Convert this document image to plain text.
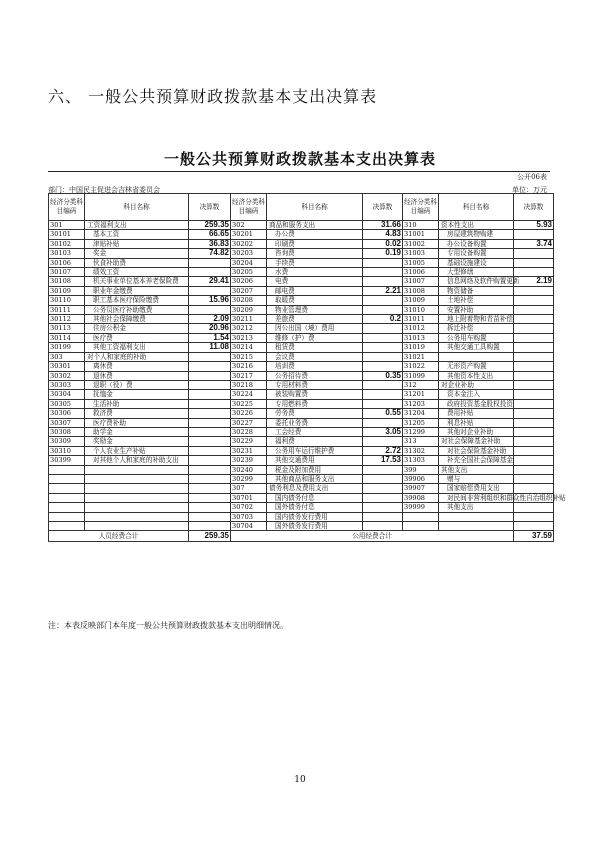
六、 一般公共预算财政拨款基本支出决算表
一般公共预算财政拨款基本支出决算表
公开06表
部门：中国民主促进会吉林省委员会	单位：万元
经济分类科目编码	科目名称	决算数	经济分类科目编码	科目名称	决算数	经济分类科目编码	科目名称	决算数
301	工资福利支出	259.35	302	商品和服务支出	31.66	310	资本性支出	5.93
30101	基本工资	66.65	30201	办公费	4.83	31001	房屋建筑物购建	
30102	津贴补贴	36.83	30202	印刷费	0.02	31002	办公设备购置	3.74
30103	奖金	74.82	30203	咨询费	0.19	31003	专用设备购置	
30106	伙食补助费		30204	手续费		31005	基础设施建设	
30107	绩效工资		30205	水费		31006	大型修缮	
30108	机关事业单位基本养老保险费	29.41	30206	电费		31007	信息网络及软件购置更新	2.19
30109	职业年金缴费		30207	邮电费	2.21	31008	物资储备	
30110	职工基本医疗保险缴费	15.96	30208	取暖费		31009	土地补偿	
30111	公务员医疗补助缴费		30209	物业管理费		31010	安置补助	
30112	其他社会保障缴费	2.09	30211	差旅费	0.2	31011	地上附着物和青苗补偿	
30113	住房公积金	20.96	30212	因公出国（境）费用		31012	拆迁补偿	
30114	医疗费	1.54	30213	维修（护）费		31013	公务用车购置	
30199	其他工资福利支出	11.08	30214	租赁费		31019	其他交通工具购置	
303	对个人和家庭的补助		30215	会议费		31021		
30301	离休费		30216	培训费		31022	无形资产购置	
30302	退休费		30217	公务招待费	0.35	31099	其他资本性支出	
30303	退职（役）费		30218	专用材料费		312	对企业补助	
30304	抚恤金		30224	被装购置费		31201	资本金注入	
30305	生活补助		30225	专用燃料费		31203	政府投资基金股权投资	
30306	救济费		30226	劳务费	0.55	31204	费用补贴	
30307	医疗费补助		30227	委托业务费		31205	利息补贴	
30308	助学金		30228	工会经费	3.05	31299	其他对企业补助	
30309	奖励金		30229	福利费		313	对社会保障基金补助	
30310	个人农业生产补贴		30231	公务用车运行维护费	2.72	31302	对社会保险基金补助	
30399	对其他个人和家庭的补助支出		30239	其他交通费用	17.53	31303	补充全国社会保障基金	
			30240	税金及附加费用		399	其他支出	
			30299	其他商品和服务支出		39906	赠与	
			307	债务利息及费用支出		39907	国家赔偿费用支出	
			30701	国内债务付息		39908	对民间非营利组织和群众性自治组织补贴	
			30702	国外债务付息		39999	其他支出	
			30703	国内债务发行费用				
			30704	国外债务发行费用				
人员经费合计		259.35	公用经费合计					37.59
注：本表反映部门本年度一般公共预算财政拨款基本支出明细情况。
10
